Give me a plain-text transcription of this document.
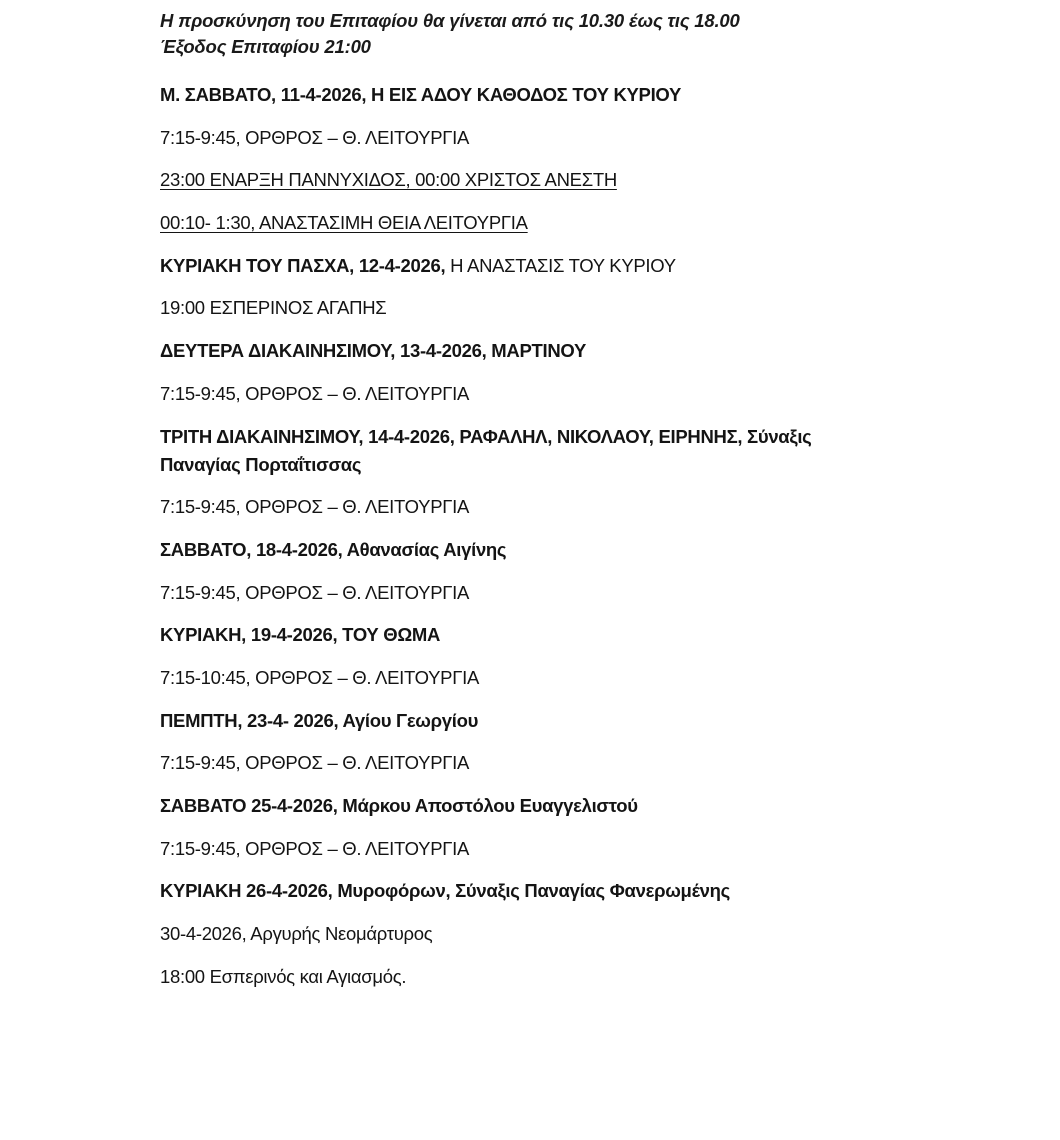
Η προσκύνηση του Επιταφίου θα γίνεται από τις 10.30 έως τις 18.00

Έξοδος Επιταφίου 21:00

Μ. ΣΑΒΒΑΤΟ, 11-4-2026, Η ΕΙΣ ΑΔΟΥ ΚΑΘΟΔΟΣ ΤΟΥ ΚΥΡΙΟΥ

7:15-9:45, ΟΡΘΡΟΣ – Θ. ΛΕΙΤΟΥΡΓΙΑ

23:00 ΕΝΑΡΞΗ ΠΑΝΝΥΧΙΔΟΣ, 00:00 ΧΡΙΣΤΟΣ ΑΝΕΣΤΗ

00:10- 1:30, ΑΝΑΣΤΑΣΙΜΗ ΘΕΙΑ ΛΕΙΤΟΥΡΓΙΑ

ΚΥΡΙΑΚΗ ΤΟΥ ΠΑΣΧΑ, 12-4-2026, Η ΑΝΑΣΤΑΣΙΣ ΤΟΥ ΚΥΡΙΟΥ

19:00 ΕΣΠΕΡΙΝΟΣ ΑΓΑΠΗΣ

ΔΕΥΤΕΡΑ ΔΙΑΚΑΙΝΗΣΙΜΟΥ, 13-4-2026, ΜΑΡΤΙΝΟΥ

7:15-9:45, ΟΡΘΡΟΣ – Θ. ΛΕΙΤΟΥΡΓΙΑ

ΤΡΙΤΗ ΔΙΑΚΑΙΝΗΣΙΜΟΥ, 14-4-2026, ΡΑΦΑΛΗΛ, ΝΙΚΟΛΑΟΥ, ΕΙΡΗΝΗΣ, Σύναξις Παναγίας Πορταΐτισσας

7:15-9:45, ΟΡΘΡΟΣ – Θ. ΛΕΙΤΟΥΡΓΙΑ

ΣΑΒΒΑΤΟ, 18-4-2026, Αθανασίας Αιγίνης

7:15-9:45, ΟΡΘΡΟΣ – Θ. ΛΕΙΤΟΥΡΓΙΑ

ΚΥΡΙΑΚΗ, 19-4-2026, ΤΟΥ ΘΩΜΑ

7:15-10:45, ΟΡΘΡΟΣ – Θ. ΛΕΙΤΟΥΡΓΙΑ

ΠΕΜΠΤΗ, 23-4- 2026, Αγίου Γεωργίου

7:15-9:45, ΟΡΘΡΟΣ – Θ. ΛΕΙΤΟΥΡΓΙΑ

ΣΑΒΒΑΤΟ 25-4-2026, Μάρκου Αποστόλου Ευαγγελιστού

7:15-9:45, ΟΡΘΡΟΣ – Θ. ΛΕΙΤΟΥΡΓΙΑ

ΚΥΡΙΑΚΗ 26-4-2026, Μυροφόρων, Σύναξις Παναγίας Φανερωμένης

30-4-2026, Αργυρής Νεομάρτυρος

18:00 Εσπερινός και Αγιασμός.
